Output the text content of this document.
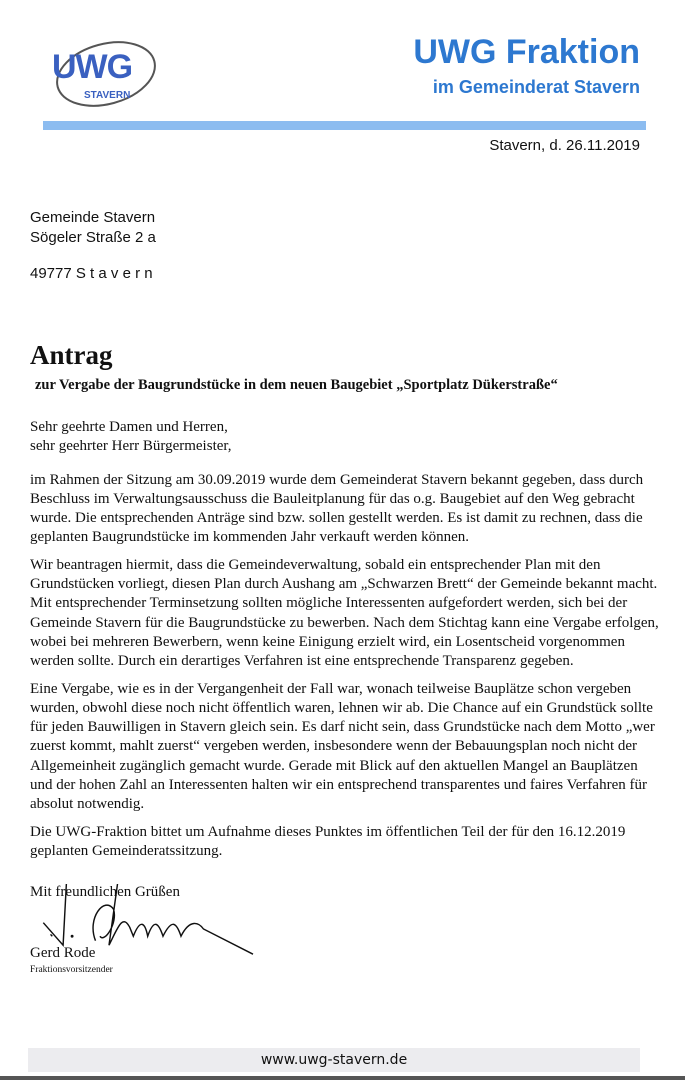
UWG
STAVERN
UWG Fraktion
im Gemeinderat Stavern
Stavern, d. 26.11.2019
Gemeinde Stavern
Sögeler Straße 2 a
49777 S t a v e r n
Antrag
zur Vergabe der Baugrundstücke in dem neuen Baugebiet „Sportplatz Dükerstraße“

Sehr geehrte Damen und Herren,
sehr geehrter Herr Bürgermeister,

im Rahmen der Sitzung am 30.09.2019 wurde dem Gemeinderat Stavern bekannt gegeben, dass durch Beschluss im Verwaltungsausschuss die Bauleitplanung für das o.g. Baugebiet auf den Weg gebracht wurde. Die entsprechenden Anträge sind bzw. sollen gestellt werden. Es ist damit zu rechnen, dass die geplanten Baugrundstücke im kommenden Jahr verkauft werden können.

Wir beantragen hiermit, dass die Gemeindeverwaltung, sobald ein entsprechender Plan mit den Grundstücken vorliegt, diesen Plan durch Aushang am „Schwarzen Brett“ der Gemeinde bekannt macht. Mit entsprechender Terminsetzung sollten mögliche Interessenten aufgefordert werden, sich bei der Gemeinde Stavern für die Baugrundstücke zu bewerben. Nach dem Stichtag kann eine Vergabe erfolgen, wobei bei mehreren Bewerbern, wenn keine Einigung erzielt wird, ein Losentscheid vorgenommen werden sollte. Durch ein derartiges Verfahren ist eine entsprechende Transparenz gegeben.

Eine Vergabe, wie es in der Vergangenheit der Fall war, wonach teilweise Bauplätze schon vergeben wurden, obwohl diese noch nicht öffentlich waren, lehnen wir ab. Die Chance auf ein Grundstück sollte für jeden Bauwilligen in Stavern gleich sein. Es darf nicht sein, dass Grundstücke nach dem Motto „wer zuerst kommt, mahlt zuerst“ vergeben werden, insbesondere wenn der Bebauungsplan noch nicht der Allgemeinheit zugänglich gemacht wurde. Gerade mit Blick auf den aktuellen Mangel an Bauplätzen und der hohen Zahl an Interessenten halten wir ein entsprechend transparentes und faires Verfahren für absolut notwendig.

Die UWG-Fraktion bittet um Aufnahme dieses Punktes im öffentlichen Teil der für den 16.12.2019 geplanten Gemeinderatssitzung.

Mit freundlichen Grüßen
Gerd Rode
Fraktionsvorsitzender
www.uwg-stavern.de
